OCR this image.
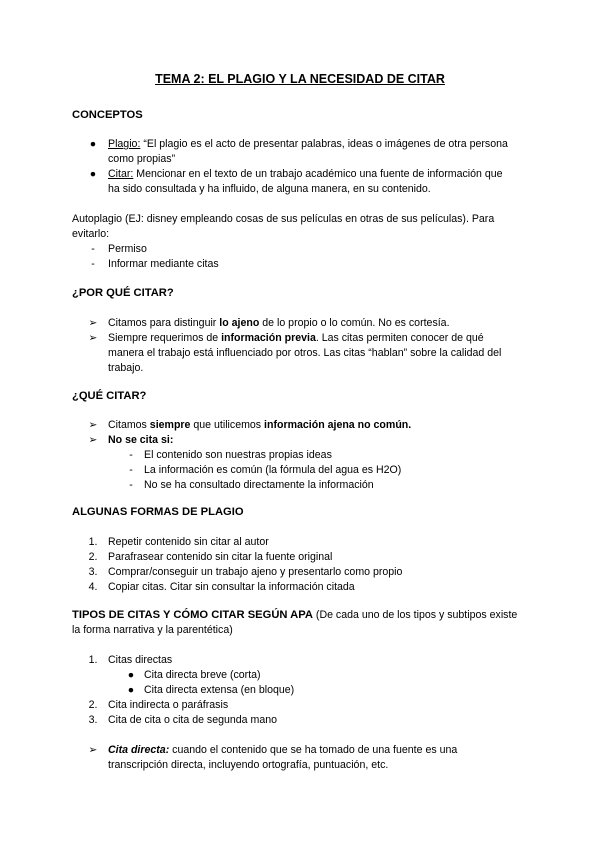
TEMA 2: EL PLAGIO Y LA NECESIDAD DE CITAR
CONCEPTOS
●	Plagio: “El plagio es el acto de presentar palabras, ideas o imágenes de otra persona
como propias”
●	Citar: Mencionar en el texto de un trabajo académico una fuente de información que
ha sido consultada y ha influido, de alguna manera, en su contenido.
Autoplagio (EJ: disney empleando cosas de sus películas en otras de sus películas). Para
evitarlo:
-	Permiso
-	Informar mediante citas
¿POR QUÉ CITAR?
➢ Citamos para distinguir lo ajeno de lo propio o lo común. No es cortesía.
➢ Siempre requerimos de información previa. Las citas permiten conocer de qué
manera el trabajo está influenciado por otros. Las citas “hablan” sobre la calidad del
trabajo.
¿QUÉ CITAR?
➢ Citamos siempre que utilicemos información ajena no común.
➢ No se cita si:
-	El contenido son nuestras propias ideas
-	La información es común (la fórmula del agua es H2O)
-	No se ha consultado directamente la información
ALGUNAS FORMAS DE PLAGIO
1. Repetir contenido sin citar al autor
2. Parafrasear contenido sin citar la fuente original
3. Comprar/conseguir un trabajo ajeno y presentarlo como propio
4. Copiar citas. Citar sin consultar la información citada
TIPOS DE CITAS Y CÓMO CITAR SEGÚN APA (De cada uno de los tipos y subtipos existe
la forma narrativa y la parentética)
1. Citas directas
● Cita directa breve (corta)
● Cita directa extensa (en bloque)
2. Cita indirecta o paráfrasis
3. Cita de cita o cita de segunda mano
➢ Cita directa: cuando el contenido que se ha tomado de una fuente es una
transcripción directa, incluyendo ortografía, puntuación, etc.
